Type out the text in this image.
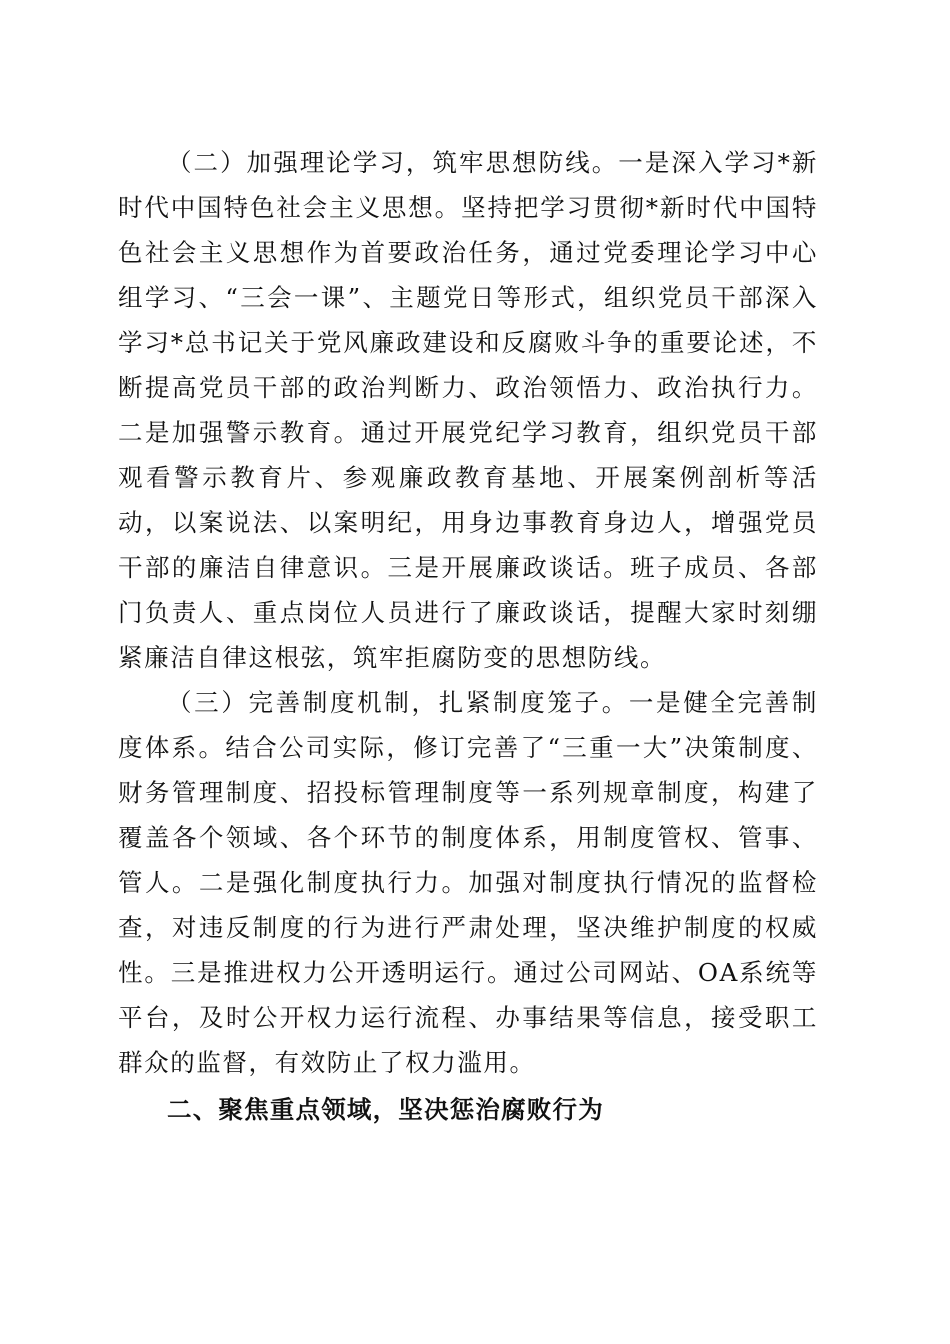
（二）加强理论学习，筑牢思想防线。一是深入学习*新时代中国特色社会主义思想。坚持把学习贯彻*新时代中国特色社会主义思想作为首要政治任务，通过党委理论学习中心组学习、“三会一课”、主题党日等形式，组织党员干部深入学习*总书记关于党风廉政建设和反腐败斗争的重要论述，不断提高党员干部的政治判断力、政治领悟力、政治执行力。二是加强警示教育。通过开展党纪学习教育，组织党员干部观看警示教育片、参观廉政教育基地、开展案例剖析等活动，以案说法、以案明纪，用身边事教育身边人，增强党员干部的廉洁自律意识。三是开展廉政谈话。班子成员、各部门负责人、重点岗位人员进行了廉政谈话，提醒大家时刻绷紧廉洁自律这根弦，筑牢拒腐防变的思想防线。

（三）完善制度机制，扎紧制度笼子。一是健全完善制度体系。结合公司实际，修订完善了“三重一大”决策制度、财务管理制度、招投标管理制度等一系列规章制度，构建了覆盖各个领域、各个环节的制度体系，用制度管权、管事、管人。二是强化制度执行力。加强对制度执行情况的监督检查，对违反制度的行为进行严肃处理，坚决维护制度的权威性。三是推进权力公开透明运行。通过公司网站、OA系统等平台，及时公开权力运行流程、办事结果等信息，接受职工群众的监督，有效防止了权力滥用。

二、聚焦重点领域，坚决惩治腐败行为
